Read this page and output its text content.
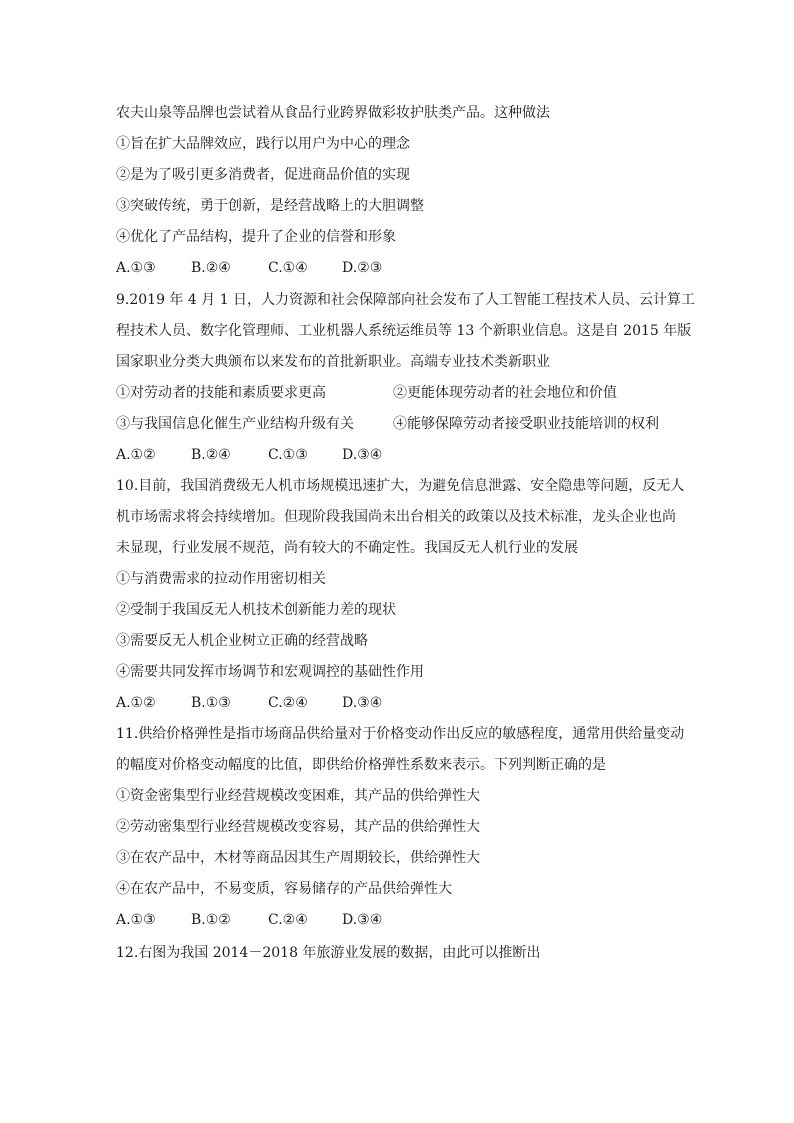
农夫山泉等品牌也尝试着从食品行业跨界做彩妆护肤类产品。这种做法
①旨在扩大品牌效应，践行以用户为中心的理念
②是为了吸引更多消费者，促进商品价值的实现
③突破传统，勇于创新，是经营战略上的大胆调整
④优化了产品结构，提升了企业的信誉和形象
A.①③	B.②④	C.①④ D.②③
9.2019 年 4 月 1 日，人力资源和社会保障部向社会发布了人工智能工程技术人员、云计算工
程技术人员、数字化管理师、工业机器人系统运维员等 13 个新职业信息。这是自 2015 年版
国家职业分类大典颁布以来发布的首批新职业。高端专业技术类新职业
①对劳动者的技能和素质要求更高	②更能体现劳动者的社会地位和价值
③与我国信息化催生产业结构升级有关	④能够保障劳动者接受职业技能培训的权利
A.①②	B.②④	C.①③ D.③④
10.目前，我国消费级无人机市场规模迅速扩大，为避免信息泄露、安全隐患等问题，反无人
机市场需求将会持续增加。但现阶段我国尚未出台相关的政策以及技术标准，龙头企业也尚
未显现，行业发展不规范，尚有较大的不确定性。我国反无人机行业的发展
①与消费需求的拉动作用密切相关
②受制于我国反无人机技术创新能力差的现状
③需要反无人机企业树立正确的经营战略
④需要共同发挥市场调节和宏观调控的基础性作用
A.①②	B.①③	C.②④ D.③④
11.供给价格弹性是指市场商品供给量对于价格变动作出反应的敏感程度，通常用供给量变动
的幅度对价格变动幅度的比值，即供给价格弹性系数来表示。下列判断正确的是
①资金密集型行业经营规模改变困难，其产品的供给弹性大
②劳动密集型行业经营规模改变容易，其产品的供给弹性大
③在农产品中，木材等商品因其生产周期较长，供给弹性大
④在农产品中，不易变质，容易储存的产品供给弹性大
A.①③	B.①②	C.②④ D.③④
12.右图为我国 2014－2018 年旅游业发展的数据，由此可以推断出
